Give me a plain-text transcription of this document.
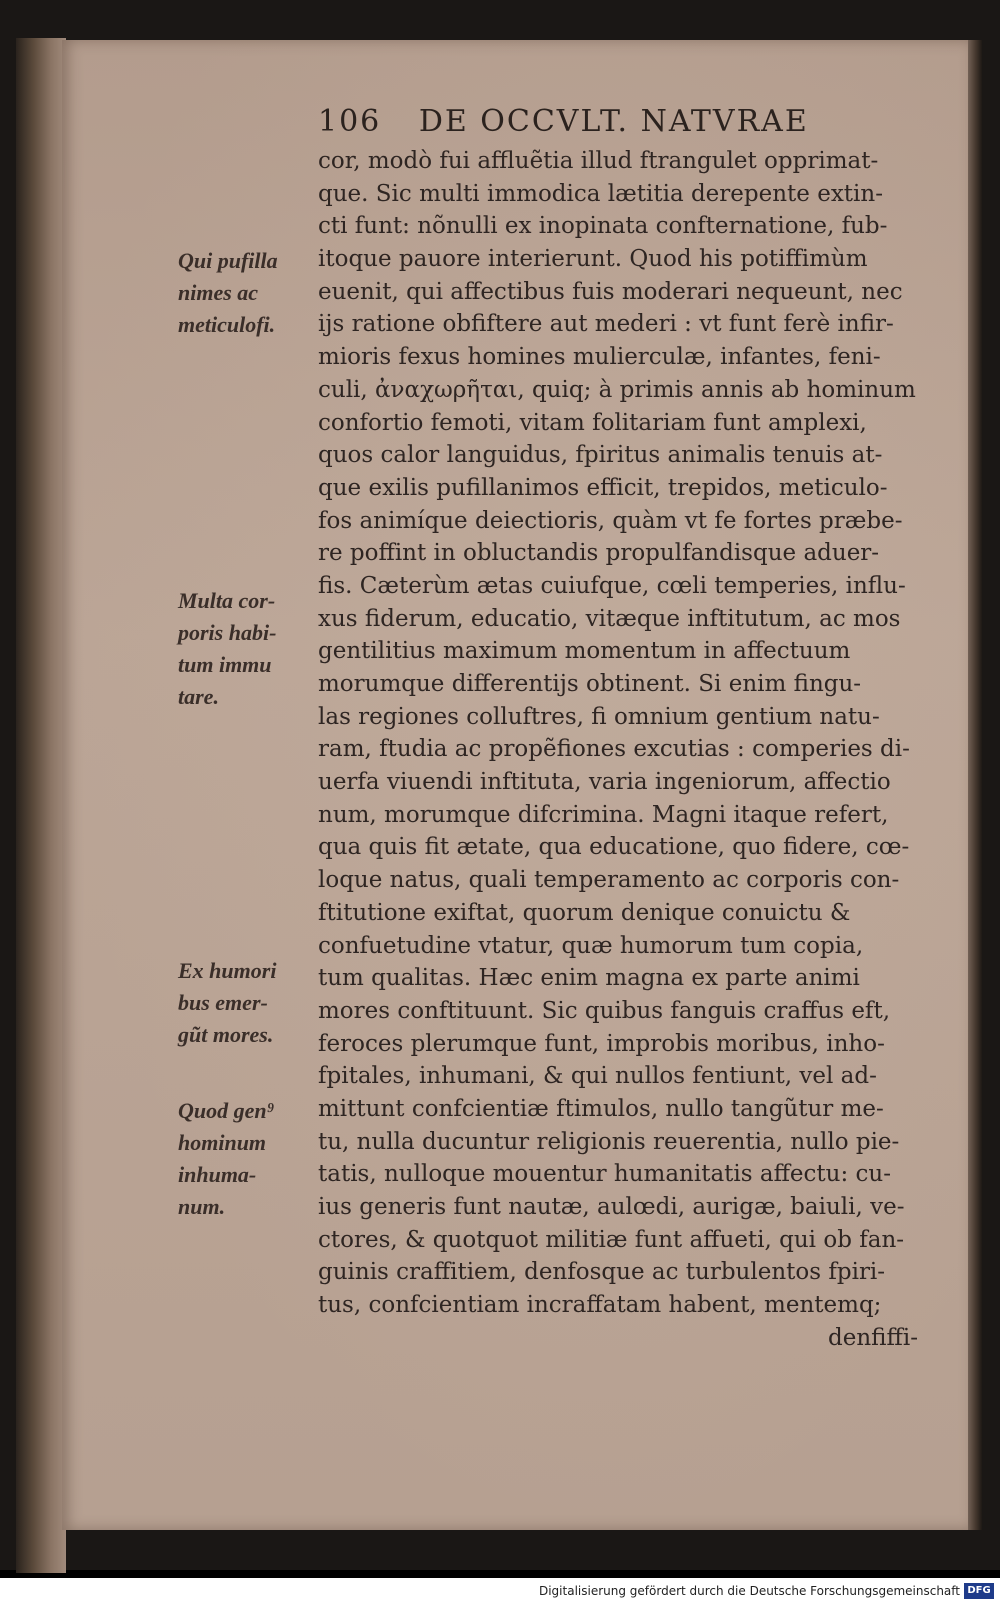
106 DE OCCVLT. NATVRAE
cor, modò fui affluẽtia illud ftrangulet opprimat-
que. Sic multi immodica lætitia derepente extin-
cti funt: nõnulli ex inopinata confternatione, fub-
itoque pauore interierunt. Quod his potiffimùm
euenit, qui affectibus fuis moderari nequeunt, nec
ijs ratione obfiftere aut mederi : vt funt ferè infir-
mioris fexus homines mulierculæ, infantes, feni-
culi, ἀναχωρῆται, quiq; à primis annis ab hominum
confortio femoti, vitam folitariam funt amplexi,
quos calor languidus, fpiritus animalis tenuis at-
que exilis pufillanimos efficit, trepidos, meticulo-
fos animíque deiectioris, quàm vt fe fortes præbe-
re poffint in obluctandis propulfandisque aduer-
fis. Cæterùm ætas cuiufque, cœli temperies, influ-
xus fiderum, educatio, vitæque inftitutum, ac mos
gentilitius maximum momentum in affectuum
morumque differentijs obtinent. Si enim fingu-
las regiones colluftres, fi omnium gentium natu-
ram, ftudia ac propẽfiones excutias : comperies di-
uerfa viuendi inftituta, varia ingeniorum, affectio
num, morumque difcrimina. Magni itaque refert,
qua quis fit ætate, qua educatione, quo fidere, cœ-
loque natus, quali temperamento ac corporis con-
ftitutione exiftat, quorum denique conuictu &
confuetudine vtatur, quæ humorum tum copia,
tum qualitas. Hæc enim magna ex parte animi
mores conftituunt. Sic quibus fanguis craffus eft,
feroces plerumque funt, improbis moribus, inho-
fpitales, inhumani, & qui nullos fentiunt, vel ad-
mittunt confcientiæ ftimulos, nullo tangũtur me-
tu, nulla ducuntur religionis reuerentia, nullo pie-
tatis, nulloque mouentur humanitatis affectu: cu-
ius generis funt nautæ, aulœdi, aurigæ, baiuli, ve-
ctores, & quotquot militiæ funt affueti, qui ob fan-
guinis craffitiem, denfosque ac turbulentos fpiri-
tus, confcientiam incraffatam habent, mentemq;
denfiffi-
Qui pufilla
nimes ac
meticulofi.
Multa cor-
poris habi-
tum immu
tare.
Ex humori
bus emer-
gũt mores.
Quod gen⁹
hominum
inhuma-
num.
Digitalisierung gefördert durch die Deutsche Forschungsgemeinschaft DFG
